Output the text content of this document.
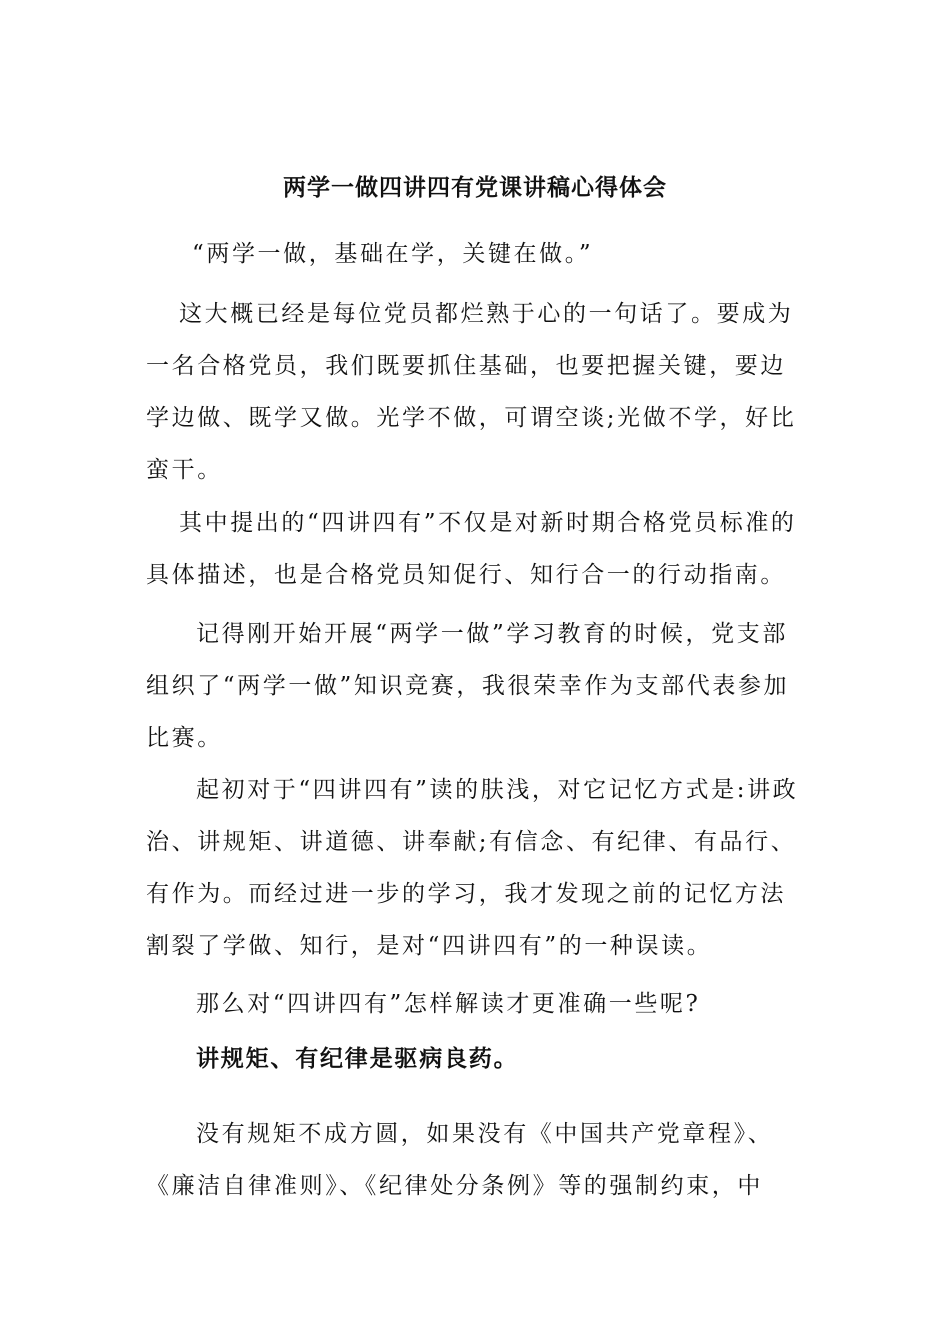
两学一做四讲四有党课讲稿心得体会

“两学一做，基础在学，关键在做。”

这大概已经是每位党员都烂熟于心的一句话了。要成为一名合格党员，我们既要抓住基础，也要把握关键，要边学边做、既学又做。光学不做，可谓空谈;光做不学，好比蛮干。

其中提出的“四讲四有”不仅是对新时期合格党员标准的具体描述，也是合格党员知促行、知行合一的行动指南。

记得刚开始开展“两学一做”学习教育的时候，党支部组织了“两学一做”知识竞赛，我很荣幸作为支部代表参加比赛。

起初对于“四讲四有”读的肤浅，对它记忆方式是:讲政治、讲规矩、讲道德、讲奉献;有信念、有纪律、有品行、有作为。而经过进一步的学习，我才发现之前的记忆方法割裂了学做、知行，是对“四讲四有”的一种误读。

那么对“四讲四有”怎样解读才更准确一些呢?

讲规矩、有纪律是驱病良药。

没有规矩不成方圆，如果没有《中国共产党章程》、《廉洁自律准则》、《纪律处分条例》等的强制约束，中
